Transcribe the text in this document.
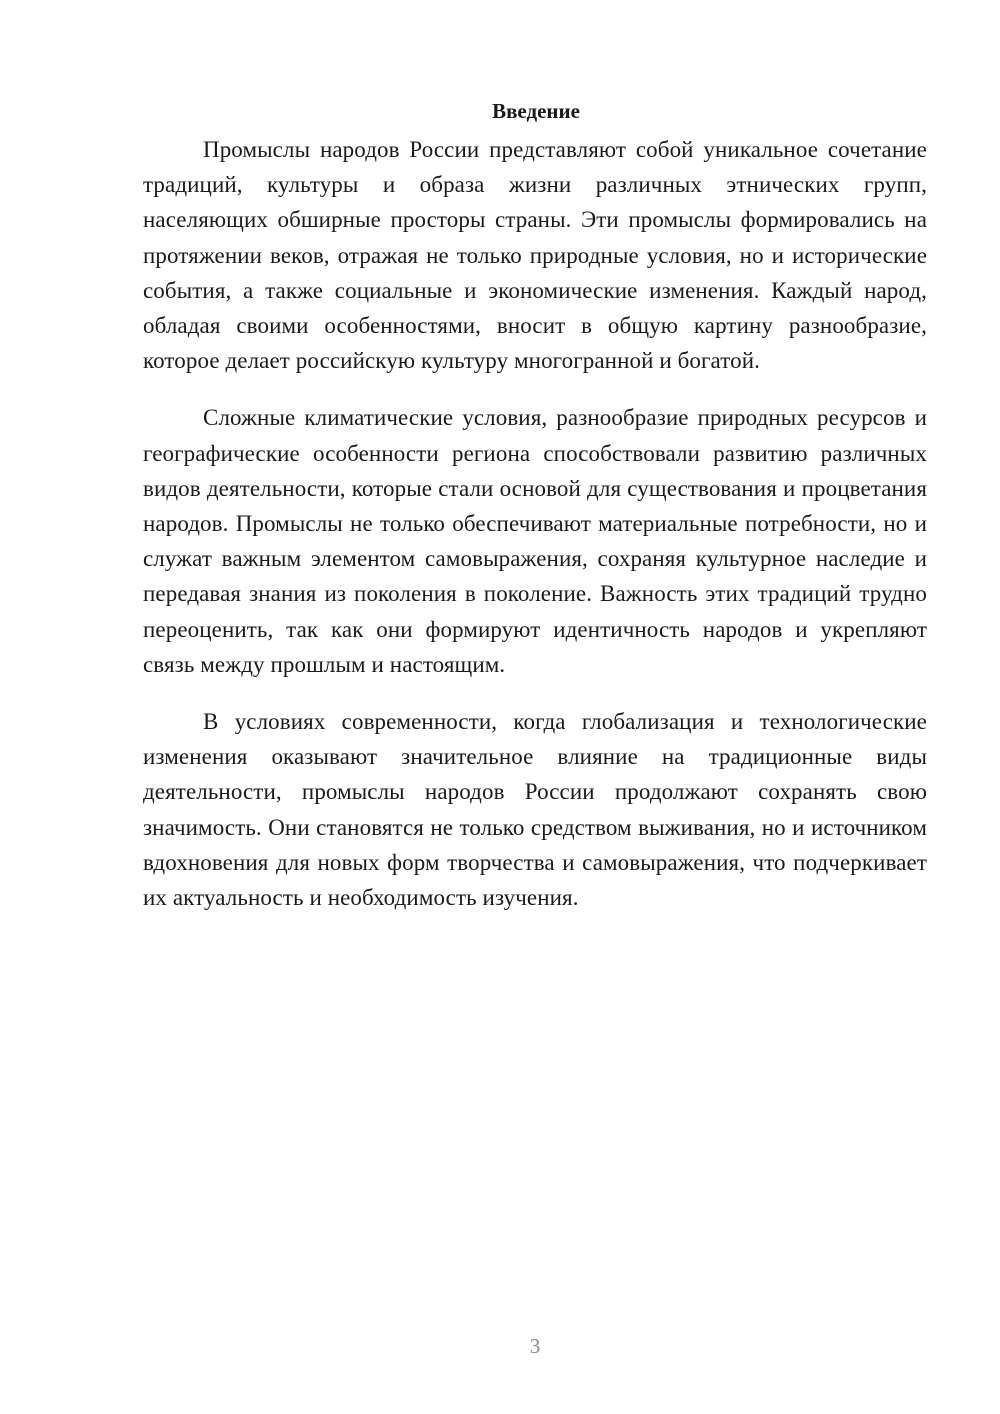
Введение

Промыслы народов России представляют собой уникальное сочетание традиций, культуры и образа жизни различных этнических групп, населяющих обширные просторы страны. Эти промыслы формировались на протяжении веков, отражая не только природные условия, но и исторические события, а также социальные и экономические изменения. Каждый народ, обладая своими особенностями, вносит в общую картину разнообразие, которое делает российскую культуру многогранной и богатой.

Сложные климатические условия, разнообразие природных ресурсов и географические особенности региона способствовали развитию различных видов деятельности, которые стали основой для существования и процветания народов. Промыслы не только обеспечивают материальные потребности, но и служат важным элементом самовыражения, сохраняя культурное наследие и передавая знания из поколения в поколение. Важность этих традиций трудно переоценить, так как они формируют идентичность народов и укрепляют связь между прошлым и настоящим.

В условиях современности, когда глобализация и технологические изменения оказывают значительное влияние на традиционные виды деятельности, промыслы народов России продолжают сохранять свою значимость. Они становятся не только средством выживания, но и источником вдохновения для новых форм творчества и самовыражения, что подчеркивает их актуальность и необходимость изучения.

3
